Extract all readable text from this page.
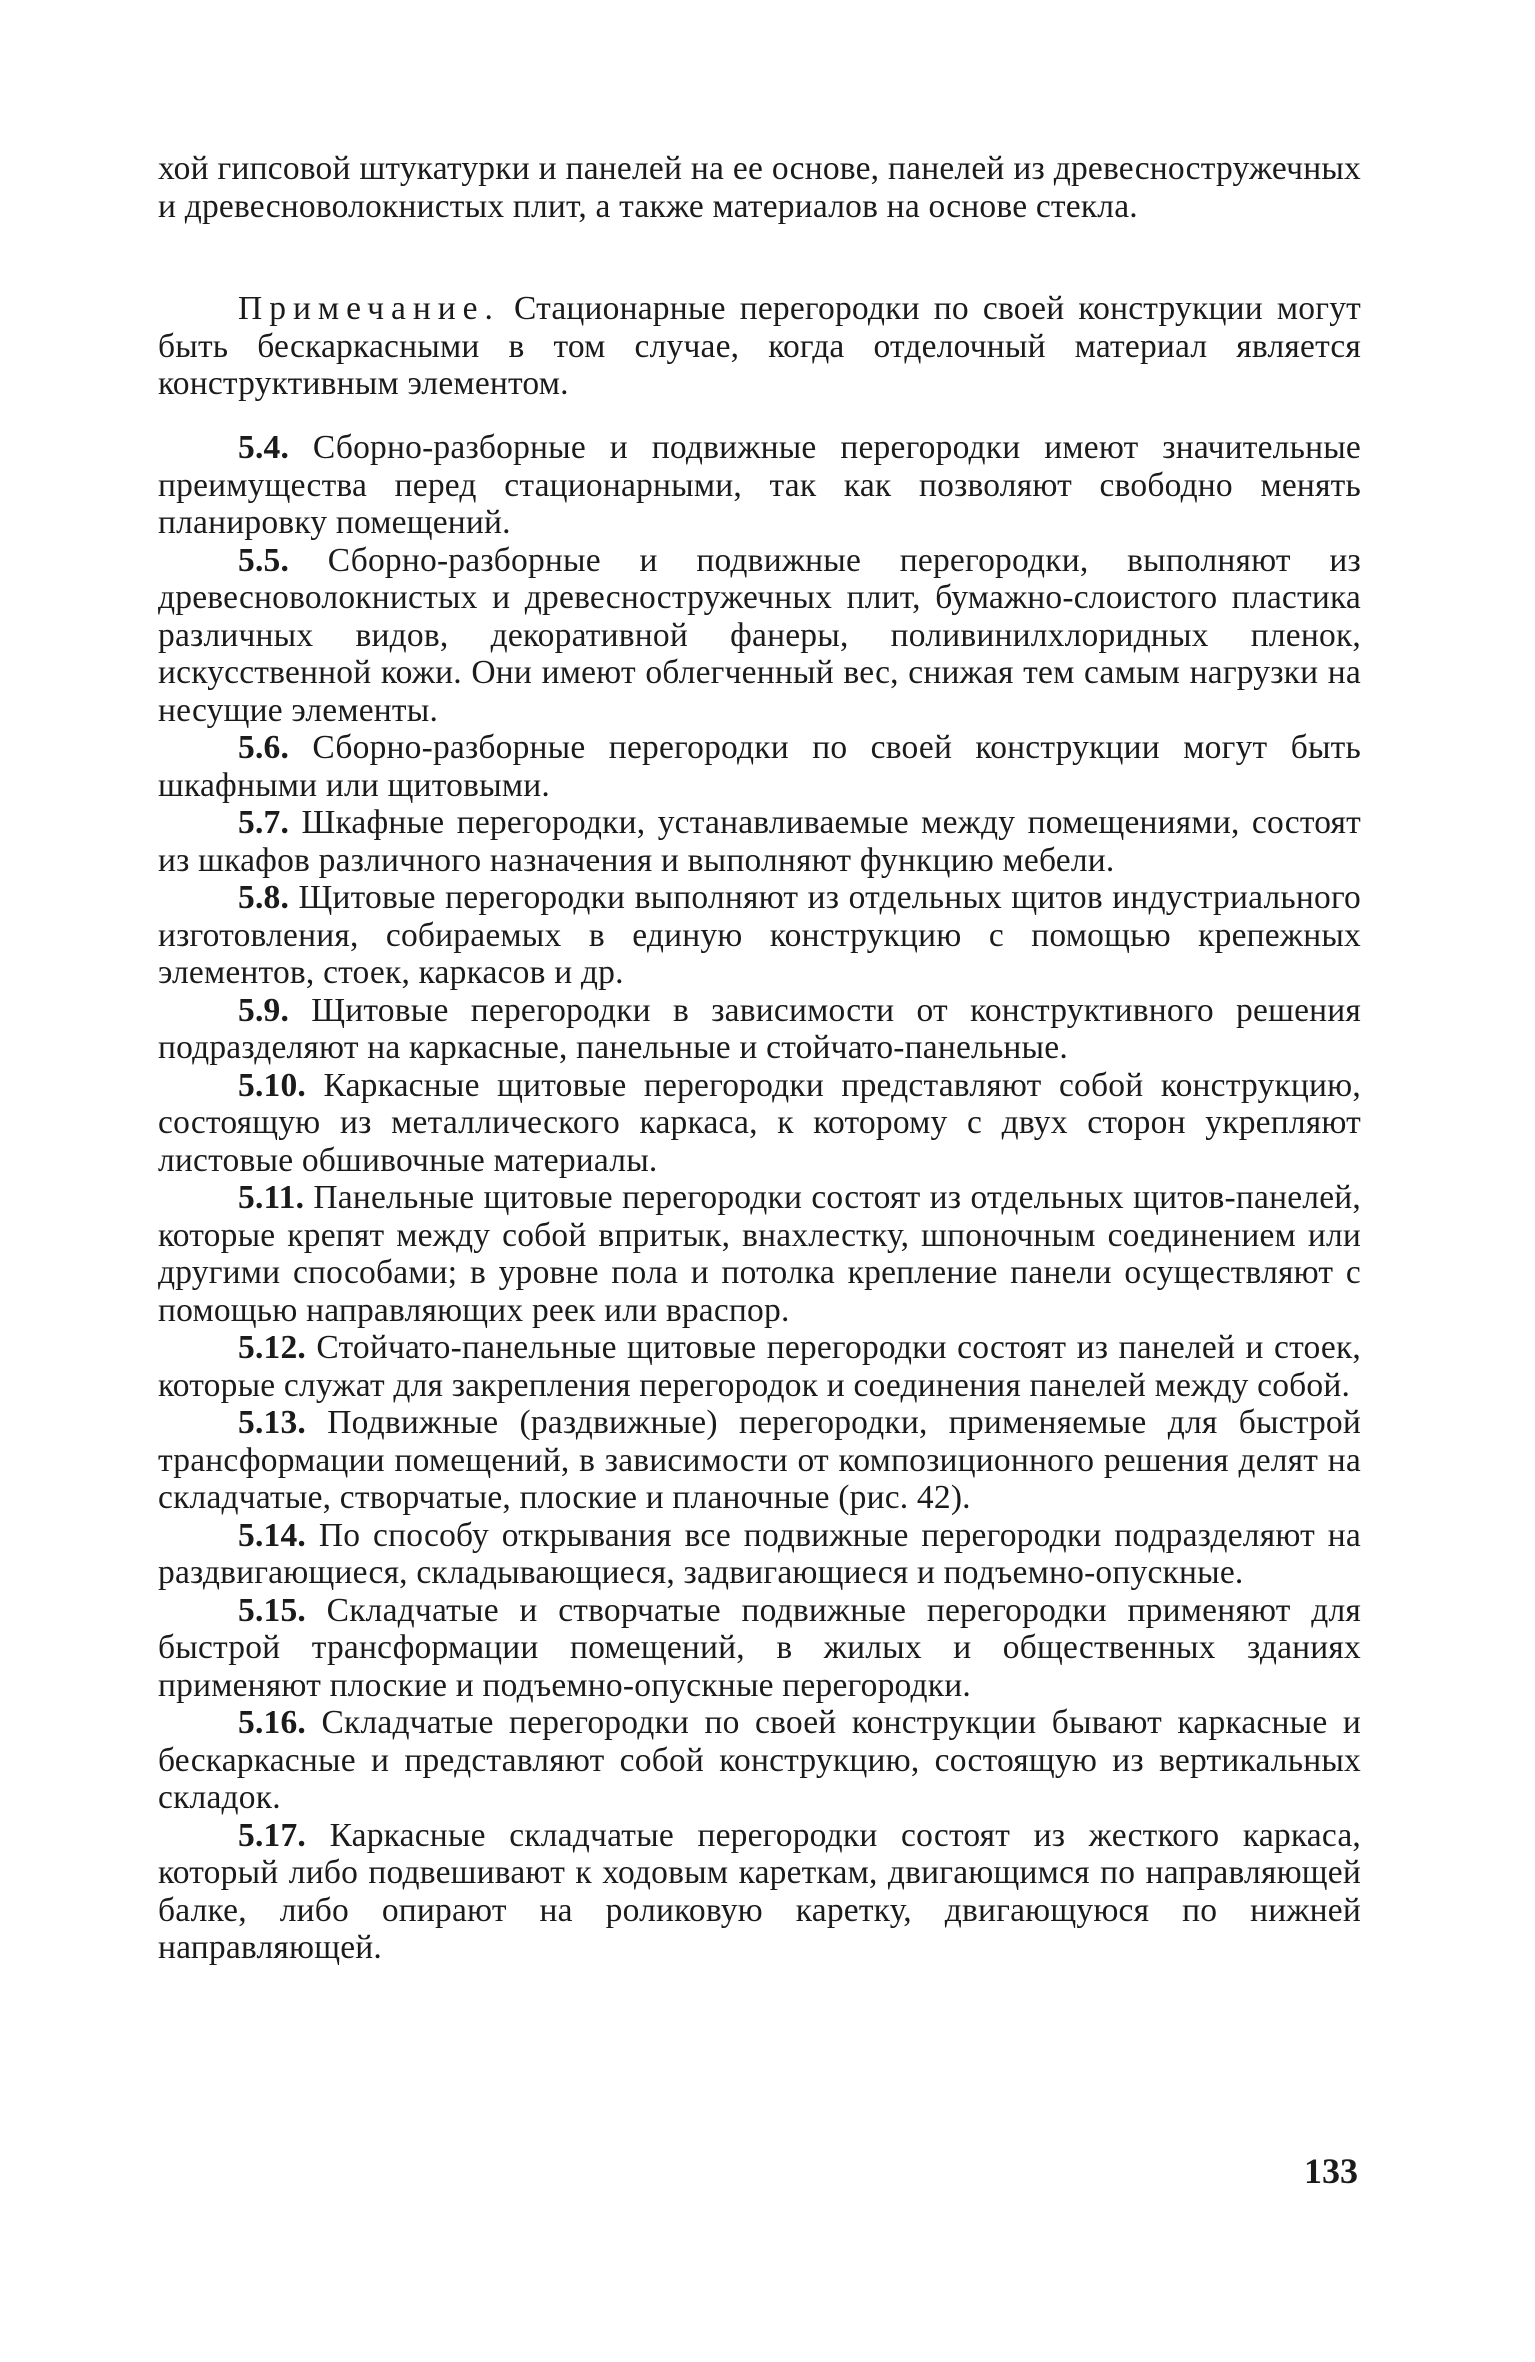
хой гипсовой штукатурки и панелей на ее основе, панелей из древесностружечных и древесноволокнистых плит, а также материалов на основе стекла.
Примечание. Стационарные перегородки по своей конструкции могут быть бескаркасными в том случае, когда отделочный материал является конструктивным элементом.

5.4. Сборно-разборные и подвижные перегородки имеют значительные преимущества перед стационарными, так как позволяют свободно менять планировку помещений.

5.5. Сборно-разборные и подвижные перегородки, выполняют из древесноволокнистых и древесностружечных плит, бумажно-слоистого пластика различных видов, декоративной фанеры, поливинилхлоридных пленок, искусственной кожи. Они имеют облегченный вес, снижая тем самым нагрузки на несущие элементы.

5.6. Сборно-разборные перегородки по своей конструкции могут быть шкафными или щитовыми.

5.7. Шкафные перегородки, устанавливаемые между помещениями, состоят из шкафов различного назначения и выполняют функцию мебели.

5.8. Щитовые перегородки выполняют из отдельных щитов индустриального изготовления, собираемых в единую конструкцию с помощью крепежных элементов, стоек, каркасов и др.

5.9. Щитовые перегородки в зависимости от конструктивного решения подразделяют на каркасные, панельные и стойчато-панельные.

5.10. Каркасные щитовые перегородки представляют собой конструкцию, состоящую из металлического каркаса, к которому с двух сторон укрепляют листовые обшивочные материалы.

5.11. Панельные щитовые перегородки состоят из отдельных щитов-панелей, которые крепят между собой впритык, внахлестку, шпоночным соединением или другими способами; в уровне пола и потолка крепление панели осуществляют с помощью направляющих реек или враспор.

5.12. Стойчато-панельные щитовые перегородки состоят из панелей и стоек, которые служат для закрепления перегородок и соединения панелей между собой.

5.13. Подвижные (раздвижные) перегородки, применяемые для быстрой трансформации помещений, в зависимости от композиционного решения делят на складчатые, створчатые, плоские и планочные (рис. 42).

5.14. По способу открывания все подвижные перегородки подразделяют на раздвигающиеся, складывающиеся, задвигающиеся и подъемно-опускные.

5.15. Складчатые и створчатые подвижные перегородки применяют для быстрой трансформации помещений, в жилых и общественных зданиях применяют плоские и подъемно-опускные перегородки.

5.16. Складчатые перегородки по своей конструкции бывают каркасные и бескаркасные и представляют собой конструкцию, состоящую из вертикальных складок.

5.17. Каркасные складчатые перегородки состоят из жесткого каркаса, который либо подвешивают к ходовым кареткам, двигающимся по направляющей балке, либо опирают на роликовую каретку, двигающуюся по нижней направляющей.

133
